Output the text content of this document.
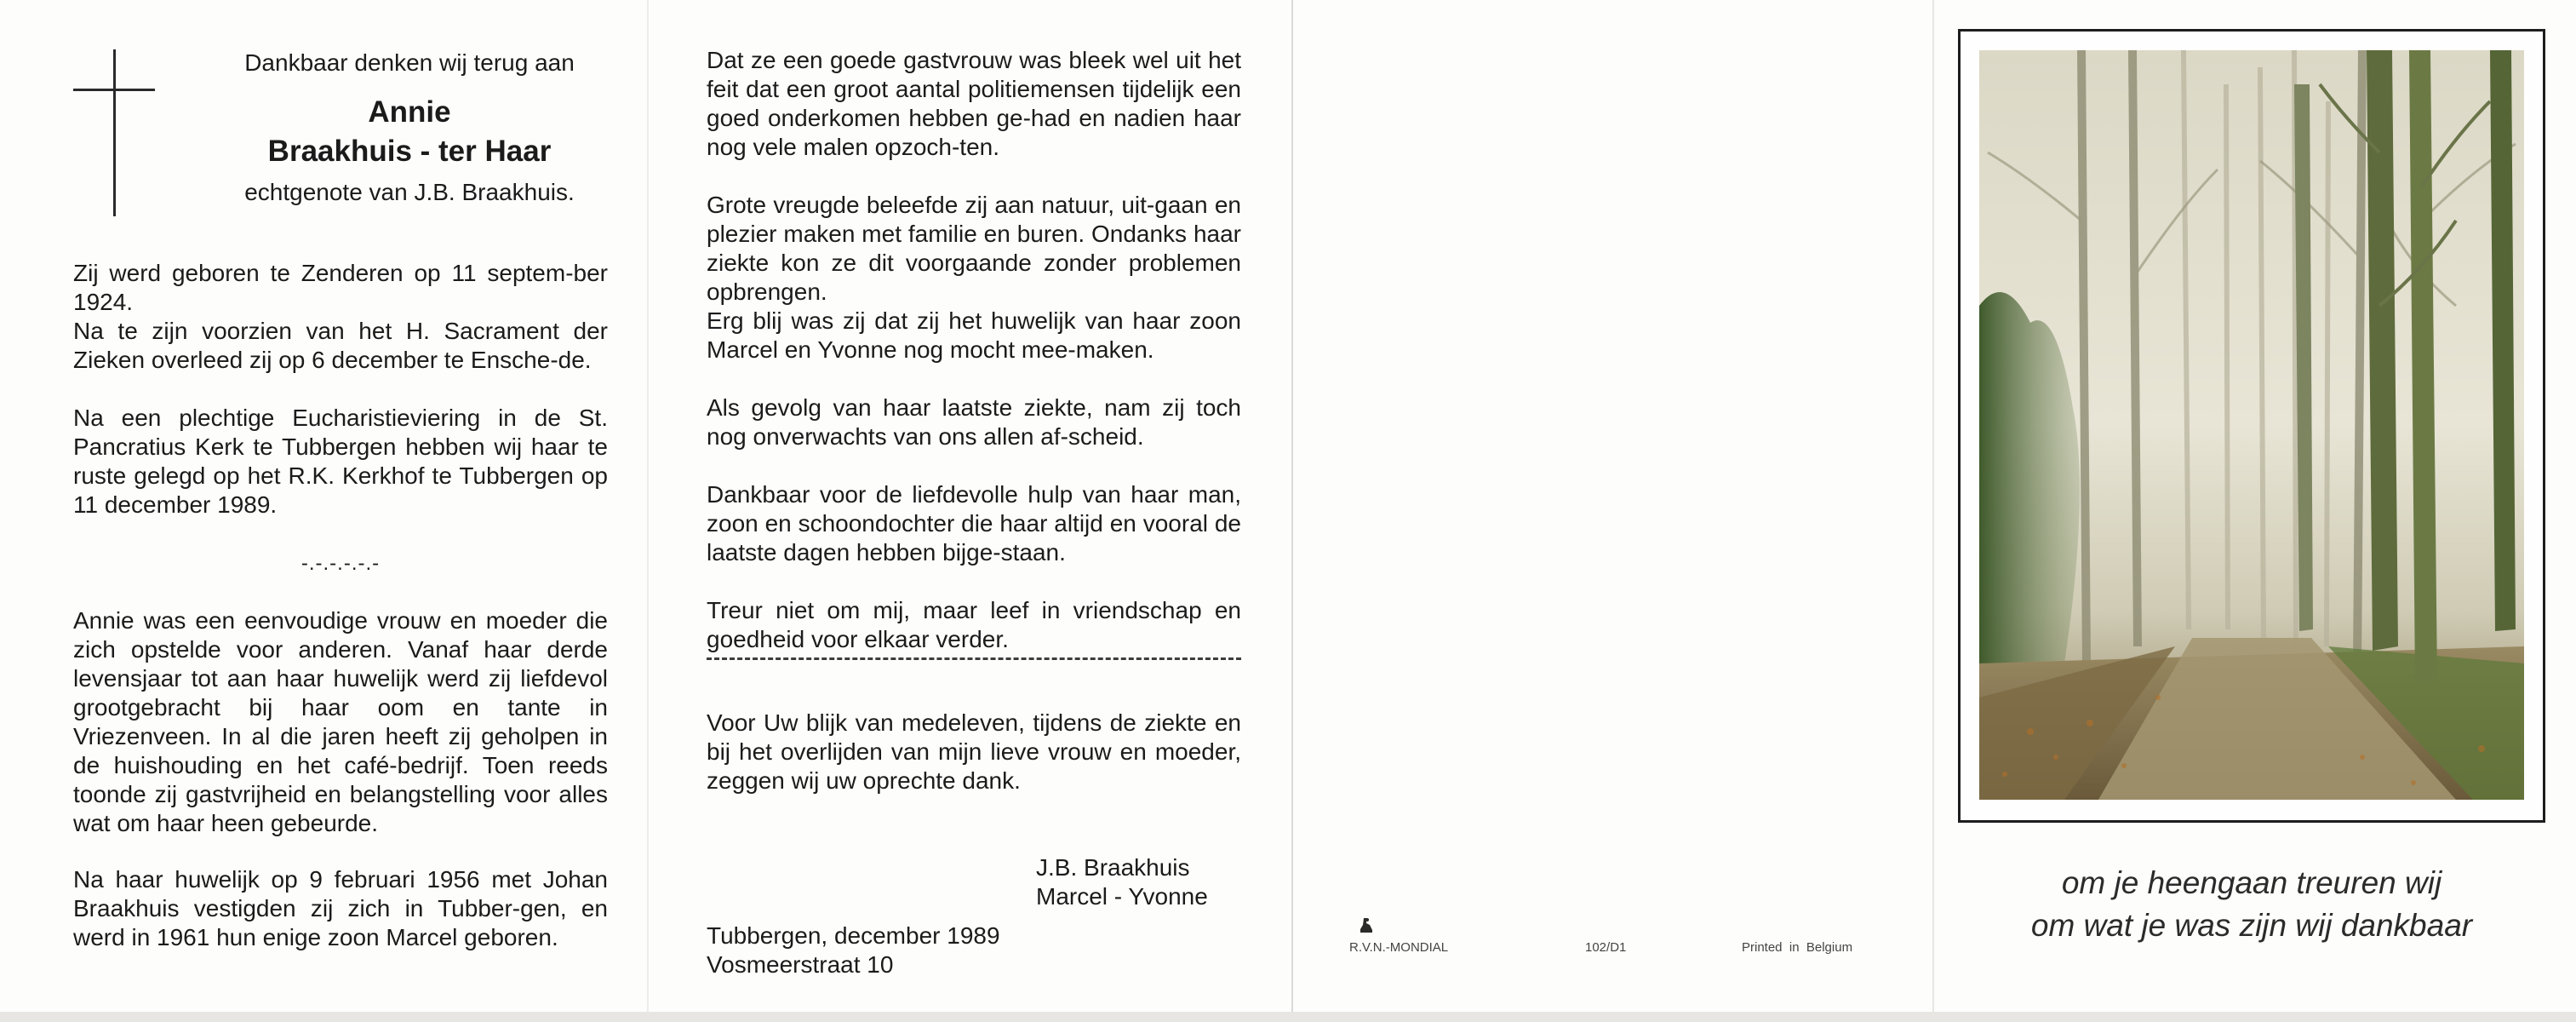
Dankbaar denken wij terug aan
Annie
Braakhuis - ter Haar
echtgenote van J.B. Braakhuis.

Zij werd geboren te Zenderen op 11 septem-ber 1924.

Na te zijn voorzien van het H. Sacrament der Zieken overleed zij op 6 december te Ensche-de.

Na een plechtige Eucharistieviering in de St. Pancratius Kerk te Tubbergen hebben wij haar te ruste gelegd op het R.K. Kerkhof te Tubbergen op 11 december 1989.

-.-.-.-.-.-

Annie was een eenvoudige vrouw en moeder die zich opstelde voor anderen. Vanaf haar derde levensjaar tot aan haar huwelijk werd zij liefdevol grootgebracht bij haar oom en tante in Vriezenveen. In al die jaren heeft zij geholpen in de huishouding en het café-bedrijf. Toen reeds toonde zij gastvrijheid en belangstelling voor alles wat om haar heen gebeurde.

Na haar huwelijk op 9 februari 1956 met Johan Braakhuis vestigden zij zich in Tubber-gen, en werd in 1961 hun enige zoon Marcel geboren.

Dat ze een goede gastvrouw was bleek wel uit het feit dat een groot aantal politiemensen tijdelijk een goed onderkomen hebben ge-had en nadien haar nog vele malen opzoch-ten.

Grote vreugde beleefde zij aan natuur, uit-gaan en plezier maken met familie en buren. Ondanks haar ziekte kon ze dit voorgaande zonder problemen opbrengen.

Erg blij was zij dat zij het huwelijk van haar zoon Marcel en Yvonne nog mocht mee-maken.

Als gevolg van haar laatste ziekte, nam zij toch nog onverwachts van ons allen af-scheid.

Dankbaar voor de liefdevolle hulp van haar man, zoon en schoondochter die haar altijd en vooral de laatste dagen hebben bijge-staan.

Treur niet om mij, maar leef in vriendschap en goedheid voor elkaar verder.

Voor Uw blijk van medeleven, tijdens de ziekte en bij het overlijden van mijn lieve vrouw en moeder, zeggen wij uw oprechte dank.

J.B. Braakhuis
Marcel - Yvonne
Tubbergen, december 1989
Vosmeerstraat 10
R.V.N.-MONDIAL	102/D1	Printed  in  Belgium
om je heengaan treuren wij
om wat je was zijn wij dankbaar
